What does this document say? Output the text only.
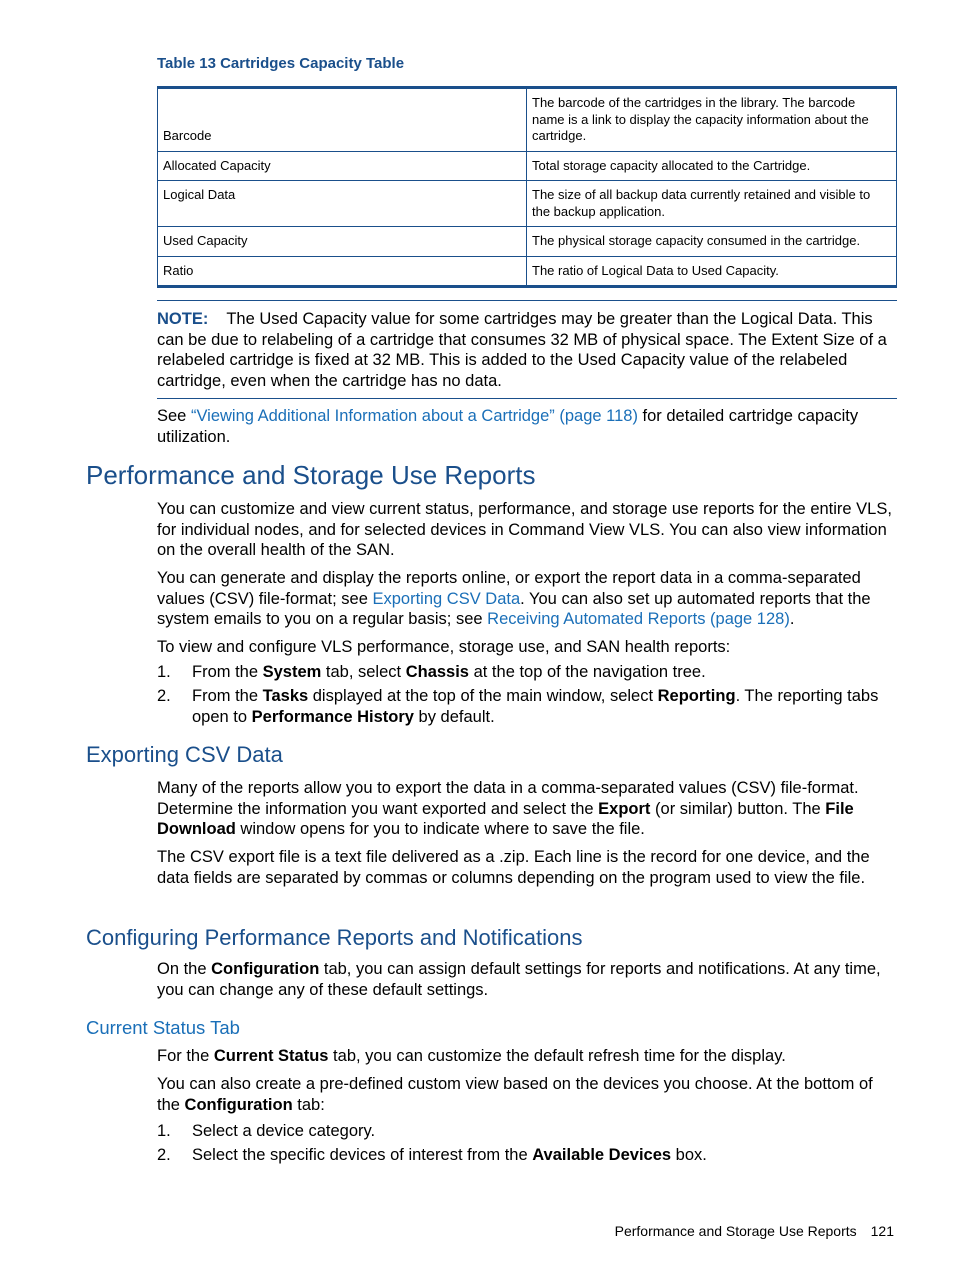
Table 13 Cartridges Capacity Table
Barcode	The barcode of the cartridges in the library. The barcode name is a link to display the capacity information about the cartridge.
Allocated Capacity	Total storage capacity allocated to the Cartridge.
Logical Data	The size of all backup data currently retained and visible to the backup application.
Used Capacity	The physical storage capacity consumed in the cartridge.
Ratio	The ratio of Logical Data to Used Capacity.
NOTE: The Used Capacity value for some cartridges may be greater than the Logical Data. This can be due to relabeling of a cartridge that consumes 32 MB of physical space. The Extent Size of a relabeled cartridge is fixed at 32 MB. This is added to the Used Capacity value of the relabeled cartridge, even when the cartridge has no data.

See “Viewing Additional Information about a Cartridge” (page 118) for detailed cartridge capacity utilization.

Performance and Storage Use Reports

You can customize and view current status, performance, and storage use reports for the entire VLS, for individual nodes, and for selected devices in Command View VLS. You can also view information on the overall health of the SAN.

You can generate and display the reports online, or export the report data in a comma-separated values (CSV) file-format; see Exporting CSV Data. You can also set up automated reports that the system emails to you on a regular basis; see Receiving Automated Reports (page 128).

To view and configure VLS performance, storage use, and SAN health reports:

1. From the System tab, select Chassis at the top of the navigation tree.
2. From the Tasks displayed at the top of the main window, select Reporting. The reporting tabs open to Performance History by default.
Exporting CSV Data

Many of the reports allow you to export the data in a comma-separated values (CSV) file-format. Determine the information you want exported and select the Export (or similar) button. The File Download window opens for you to indicate where to save the file.

The CSV export file is a text file delivered as a .zip. Each line is the record for one device, and the data fields are separated by commas or columns depending on the program used to view the file.

Configuring Performance Reports and Notifications

On the Configuration tab, you can assign default settings for reports and notifications. At any time, you can change any of these default settings.

Current Status Tab

For the Current Status tab, you can customize the default refresh time for the display.

You can also create a pre-defined custom view based on the devices you choose. At the bottom of the Configuration tab:

1. Select a device category.
2. Select the specific devices of interest from the Available Devices box.
Performance and Storage Use Reports 121
